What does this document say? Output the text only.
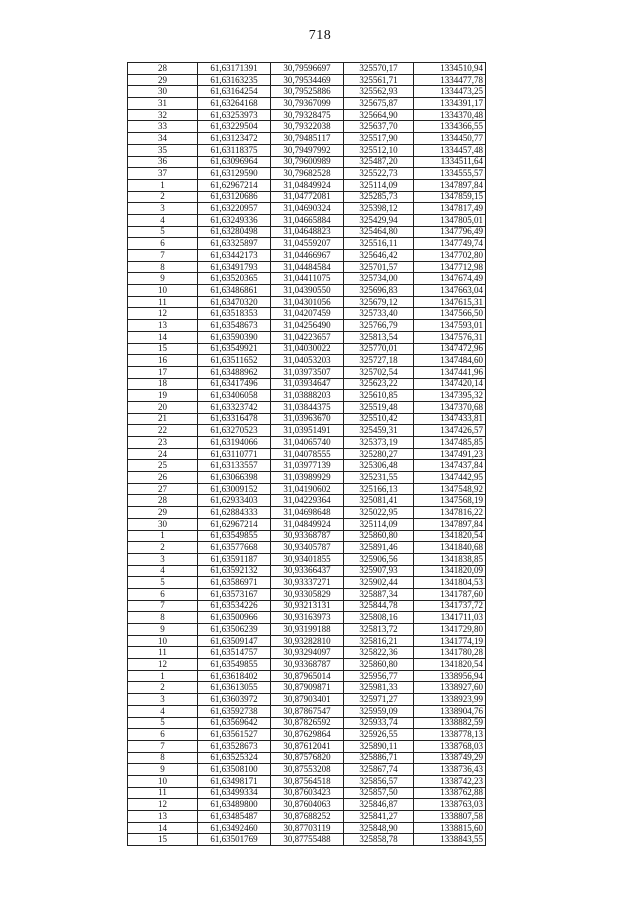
718
28	61,63171391	30,79596697	325570,17	1334510,94
29	61,63163235	30,79534469	325561,71	1334477,78
30	61,63164254	30,79525886	325562,93	1334473,25
31	61,63264168	30,79367099	325675,87	1334391,17
32	61,63253973	30,79328475	325664,90	1334370,48
33	61,63229504	30,79322038	325637,70	1334366,55
34	61,63123472	30,79485117	325517,90	1334450,77
35	61,63118375	30,79497992	325512,10	1334457,48
36	61,63096964	30,79600989	325487,20	1334511,64
37	61,63129590	30,79682528	325522,73	1334555,57
1	61,62967214	31,04849924	325114,09	1347897,84
2	61,63120686	31,04772081	325285,73	1347859,15
3	61,63220957	31,04690324	325398,12	1347817,49
4	61,63249336	31,04665884	325429,94	1347805,01
5	61,63280498	31,04648823	325464,80	1347796,49
6	61,63325897	31,04559207	325516,11	1347749,74
7	61,63442173	31,04466967	325646,42	1347702,80
8	61,63491793	31,04484584	325701,57	1347712,98
9	61,63520365	31,04411075	325734,00	1347674,49
10	61,63486861	31,04390550	325696,83	1347663,04
11	61,63470320	31,04301056	325679,12	1347615,31
12	61,63518353	31,04207459	325733,40	1347566,50
13	61,63548673	31,04256490	325766,79	1347593,01
14	61,63590390	31,04223657	325813,54	1347576,31
15	61,63549921	31,04030022	325770,01	1347472,96
16	61,63511652	31,04053203	325727,18	1347484,60
17	61,63488962	31,03973507	325702,54	1347441,96
18	61,63417496	31,03934647	325623,22	1347420,14
19	61,63406058	31,03888203	325610,85	1347395,32
20	61,63323742	31,03844375	325519,48	1347370,68
21	61,63316478	31,03963670	325510,42	1347433,81
22	61,63270523	31,03951491	325459,31	1347426,57
23	61,63194066	31,04065740	325373,19	1347485,85
24	61,63110771	31,04078555	325280,27	1347491,23
25	61,63133557	31,03977139	325306,48	1347437,84
26	61,63066398	31,03989929	325231,55	1347442,95
27	61,63009152	31,04190602	325166,13	1347548,92
28	61,62933403	31,04229364	325081,41	1347568,19
29	61,62884333	31,04698648	325022,95	1347816,22
30	61,62967214	31,04849924	325114,09	1347897,84
1	61,63549855	30,93368787	325860,80	1341820,54
2	61,63577668	30,93405787	325891,46	1341840,68
3	61,63591187	30,93401855	325906,56	1341838,85
4	61,63592132	30,93366437	325907,93	1341820,09
5	61,63586971	30,93337271	325902,44	1341804,53
6	61,63573167	30,93305829	325887,34	1341787,60
7	61,63534226	30,93213131	325844,78	1341737,72
8	61,63500966	30,93163973	325808,16	1341711,03
9	61,63506239	30,93199188	325813,72	1341729,80
10	61,63509147	30,93282810	325816,21	1341774,19
11	61,63514757	30,93294097	325822,36	1341780,28
12	61,63549855	30,93368787	325860,80	1341820,54
1	61,63618402	30,87965014	325956,77	1338956,94
2	61,63613055	30,87909871	325981,33	1338927,60
3	61,63603972	30,87903401	325971,27	1338923,99
4	61,63592738	30,87867547	325959,09	1338904,76
5	61,63569642	30,87826592	325933,74	1338882,59
6	61,63561527	30,87629864	325926,55	1338778,13
7	61,63528673	30,87612041	325890,11	1338768,03
8	61,63525324	30,87576820	325886,71	1338749,29
9	61,63508100	30,87553208	325867,74	1338736,43
10	61,63498171	30,87564518	325856,57	1338742,23
11	61,63499334	30,87603423	325857,50	1338762,88
12	61,63489800	30,87604063	325846,87	1338763,03
13	61,63485487	30,87688252	325841,27	1338807,58
14	61,63492460	30,87703119	325848,90	1338815,60
15	61,63501769	30,87755488	325858,78	1338843,55
